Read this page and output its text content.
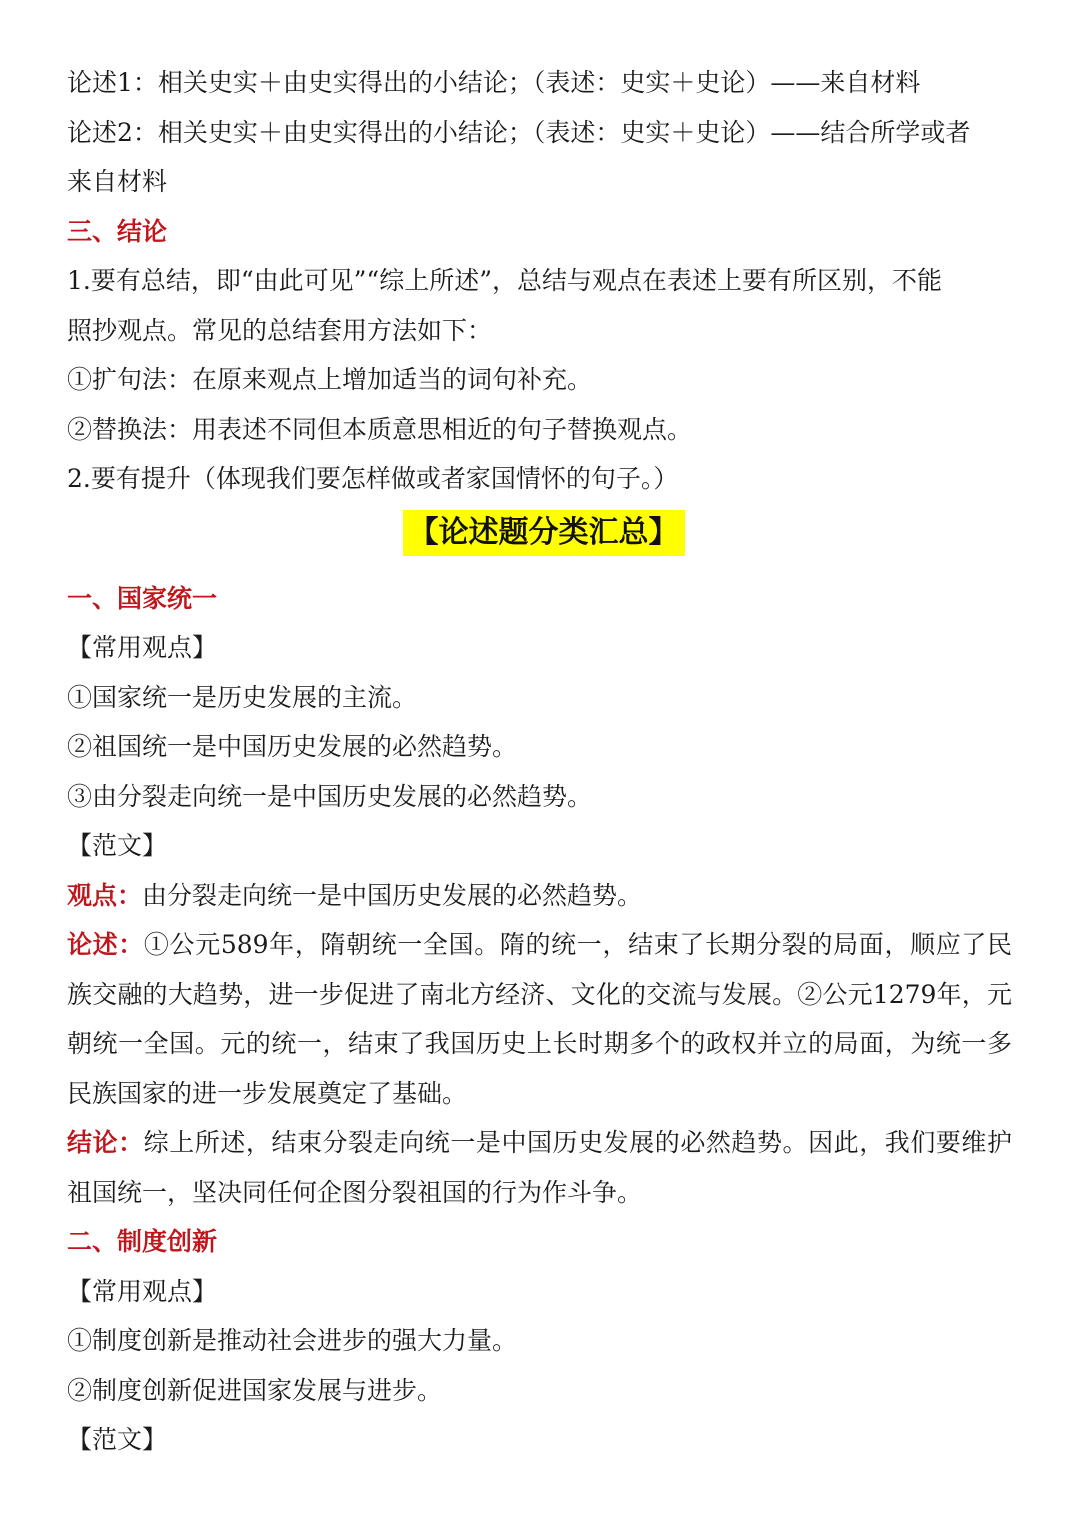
论述1：相关史实＋由史实得出的小结论；（表述：史实＋史论）——来自材料
论述2：相关史实＋由史实得出的小结论；（表述：史实＋史论）——结合所学或者
来自材料
三、结论
1.要有总结，即“由此可见”“综上所述”，总结与观点在表述上要有所区别，不能
照抄观点。常见的总结套用方法如下：
①扩句法：在原来观点上增加适当的词句补充。
②替换法：用表述不同但本质意思相近的句子替换观点。
2.要有提升（体现我们要怎样做或者家国情怀的句子。）
【论述题分类汇总】
一、国家统一
【常用观点】
①国家统一是历史发展的主流。
②祖国统一是中国历史发展的必然趋势。
③由分裂走向统一是中国历史发展的必然趋势。
【范文】
观点：由分裂走向统一是中国历史发展的必然趋势。
论述：①公元589年，隋朝统一全国。隋的统一，结束了长期分裂的局面，顺应了民族交融的大趋势，进一步促进了南北方经济、文化的交流与发展。②公元1279年，元朝统一全国。元的统一，结束了我国历史上长时期多个的政权并立的局面，为统一多民族国家的进一步发展奠定了基础。
结论：综上所述，结束分裂走向统一是中国历史发展的必然趋势。因此，我们要维护祖国统一，坚决同任何企图分裂祖国的行为作斗争。
二、制度创新
【常用观点】
①制度创新是推动社会进步的强大力量。
②制度创新促进国家发展与进步。
【范文】
